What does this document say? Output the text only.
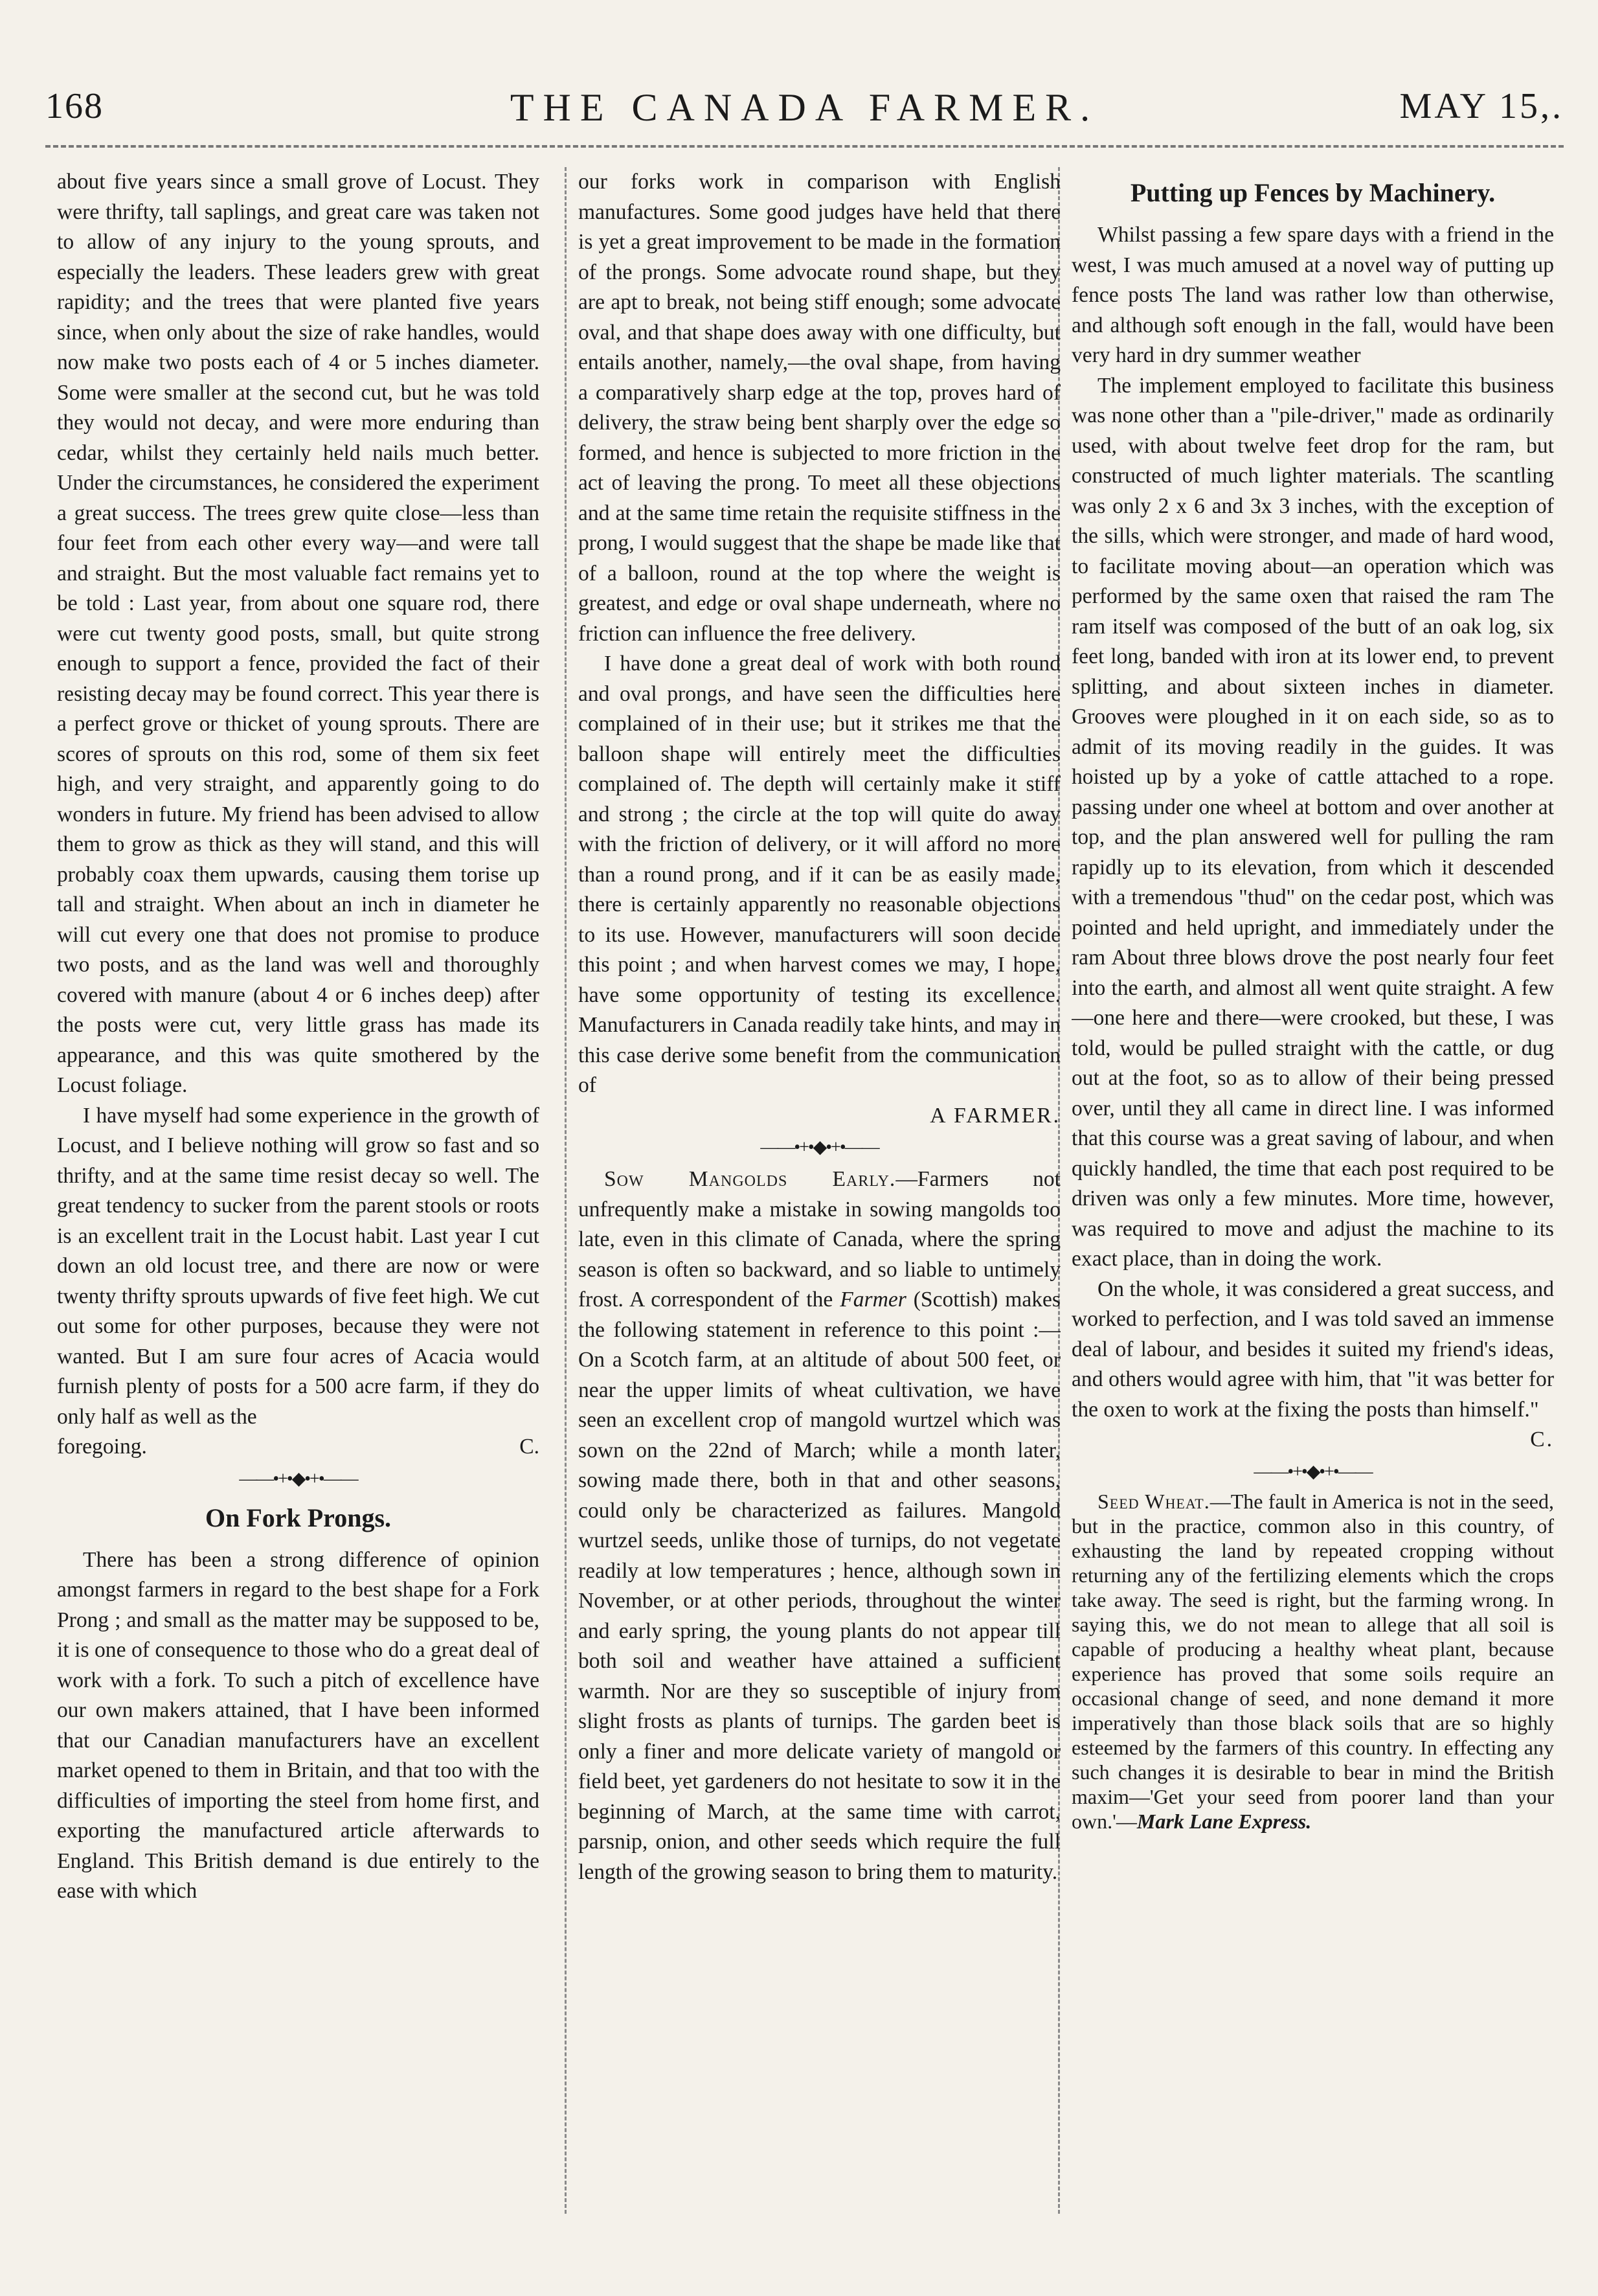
168	THE CANADA FARMER.	MAY 15,.

about five years since a small grove of Locust. They were thrifty, tall saplings, and great care was taken not to allow of any injury to the young sprouts, and especially the leaders. These leaders grew with great rapidity; and the trees that were planted five years since, when only about the size of rake handles, would now make two posts each of 4 or 5 inches diameter. Some were smaller at the second cut, but he was told they would not decay, and were more enduring than cedar, whilst they certainly held nails much better. Under the circumstances, he considered the experiment a great success. The trees grew quite close—less than four feet from each other every way—and were tall and straight. But the most valuable fact remains yet to be told : Last year, from about one square rod, there were cut twenty good posts, small, but quite strong enough to support a fence, provided the fact of their resisting decay may be found correct. This year there is a perfect grove or thicket of young sprouts. There are scores of sprouts on this rod, some of them six feet high, and very straight, and apparently going to do wonders in future. My friend has been advised to allow them to grow as thick as they will stand, and this will probably coax them upwards, causing them torise up tall and straight. When about an inch in diameter he will cut every one that does not promise to produce two posts, and as the land was well and thoroughly covered with manure (about 4 or 6 inches deep) after the posts were cut, very little grass has made its appearance, and this was quite smothered by the Locust foliage.

I have myself had some experience in the growth of Locust, and I believe nothing will grow so fast and so thrifty, and at the same time resist decay so well. The great tendency to sucker from the parent stools or roots is an excellent trait in the Locust habit. Last year I cut down an old locust tree, and there are now or were twenty thrifty sprouts upwards of five feet high. We cut out some for other purposes, because they were not wanted. But I am sure four acres of Acacia would furnish plenty of posts for a 500 acre farm, if they do only half as well as the

foregoing.	C.
——•+•◆•+•——
On Fork Prongs.

There has been a strong difference of opinion amongst farmers in regard to the best shape for a Fork Prong ; and small as the matter may be supposed to be, it is one of consequence to those who do a great deal of work with a fork. To such a pitch of excellence have our own makers attained, that I have been informed that our Canadian manufacturers have an excellent market opened to them in Britain, and that too with the difficulties of importing the steel from home first, and exporting the manufactured article afterwards to England. This British demand is due entirely to the ease with which

our forks work in comparison with English manufactures. Some good judges have held that there is yet a great improvement to be made in the formation of the prongs. Some advocate round shape, but they are apt to break, not being stiff enough; some advocate oval, and that shape does away with one difficulty, but entails another, namely,—the oval shape, from having a comparatively sharp edge at the top, proves hard of delivery, the straw being bent sharply over the edge so formed, and hence is subjected to more friction in the act of leaving the prong. To meet all these objections and at the same time retain the requisite stiffness in the prong, I would suggest that the shape be made like that of a balloon, round at the top where the weight is greatest, and edge or oval shape underneath, where no friction can influence the free delivery.

I have done a great deal of work with both round and oval prongs, and have seen the difficulties here complained of in their use; but it strikes me that the balloon shape will entirely meet the difficulties complained of. The depth will certainly make it stiff and strong ; the circle at the top will quite do away with the friction of delivery, or it will afford no more than a round prong, and if it can be as easily made, there is certainly apparently no reasonable objections to its use. However, manufacturers will soon decide this point ; and when harvest comes we may, I hope, have some opportunity of testing its excellence. Manufacturers in Canada readily take hints, and may in this case derive some benefit from the communication of

A FARMER.
——•+•◆•+•——

Sow Mangolds Early.—Farmers not unfrequently make a mistake in sowing mangolds too late, even in this climate of Canada, where the spring season is often so backward, and so liable to untimely frost. A correspondent of the Farmer (Scottish) makes the following statement in reference to this point :—On a Scotch farm, at an altitude of about 500 feet, or near the upper limits of wheat cultivation, we have seen an excellent crop of mangold wurtzel which was sown on the 22nd of March; while a month later, sowing made there, both in that and other seasons, could only be characterized as failures. Mangold wurtzel seeds, unlike those of turnips, do not vegetate readily at low temperatures ; hence, although sown in November, or at other periods, throughout the winter and early spring, the young plants do not appear till both soil and weather have attained a sufficient warmth. Nor are they so susceptible of injury from slight frosts as plants of turnips. The garden beet is only a finer and more delicate variety of mangold or field beet, yet gardeners do not hesitate to sow it in the beginning of March, at the same time with carrot, parsnip, onion, and other seeds which require the full length of the growing season to bring them to maturity.

Putting up Fences by Machinery.

Whilst passing a few spare days with a friend in the west, I was much amused at a novel way of putting up fence posts The land was rather low than otherwise, and although soft enough in the fall, would have been very hard in dry summer weather

The implement employed to facilitate this business was none other than a "pile-driver," made as ordinarily used, with about twelve feet drop for the ram, but constructed of much lighter materials. The scantling was only 2 x 6 and 3x 3 inches, with the exception of the sills, which were stronger, and made of hard wood, to facilitate moving about—an operation which was performed by the same oxen that raised the ram The ram itself was composed of the butt of an oak log, six feet long, banded with iron at its lower end, to prevent splitting, and about sixteen inches in diameter. Grooves were ploughed in it on each side, so as to admit of its moving readily in the guides. It was hoisted up by a yoke of cattle attached to a rope. passing under one wheel at bottom and over another at top, and the plan answered well for pulling the ram rapidly up to its elevation, from which it descended with a tremendous "thud" on the cedar post, which was pointed and held upright, and immediately under the ram About three blows drove the post nearly four feet into the earth, and almost all went quite straight. A few—one here and there—were crooked, but these, I was told, would be pulled straight with the cattle, or dug out at the foot, so as to allow of their being pressed over, until they all came in direct line. I was informed that this course was a great saving of labour, and when quickly handled, the time that each post required to be driven was only a few minutes. More time, however, was required to move and adjust the machine to its exact place, than in doing the work.

On the whole, it was considered a great success, and worked to perfection, and I was told saved an immense deal of labour, and besides it suited my friend's ideas, and others would agree with him, that "it was better for the oxen to work at the fixing the posts than himself."

C.
——•+•◆•+•——

Seed Wheat.—The fault in America is not in the seed, but in the practice, common also in this country, of exhausting the land by repeated cropping without returning any of the fertilizing elements which the crops take away. The seed is right, but the farming wrong. In saying this, we do not mean to allege that all soil is capable of producing a healthy wheat plant, because experience has proved that some soils require an occasional change of seed, and none demand it more imperatively than those black soils that are so highly esteemed by the farmers of this country. In effecting any such changes it is desirable to bear in mind the British maxim—'Get your seed from poorer land than your own.'—Mark Lane Express.
